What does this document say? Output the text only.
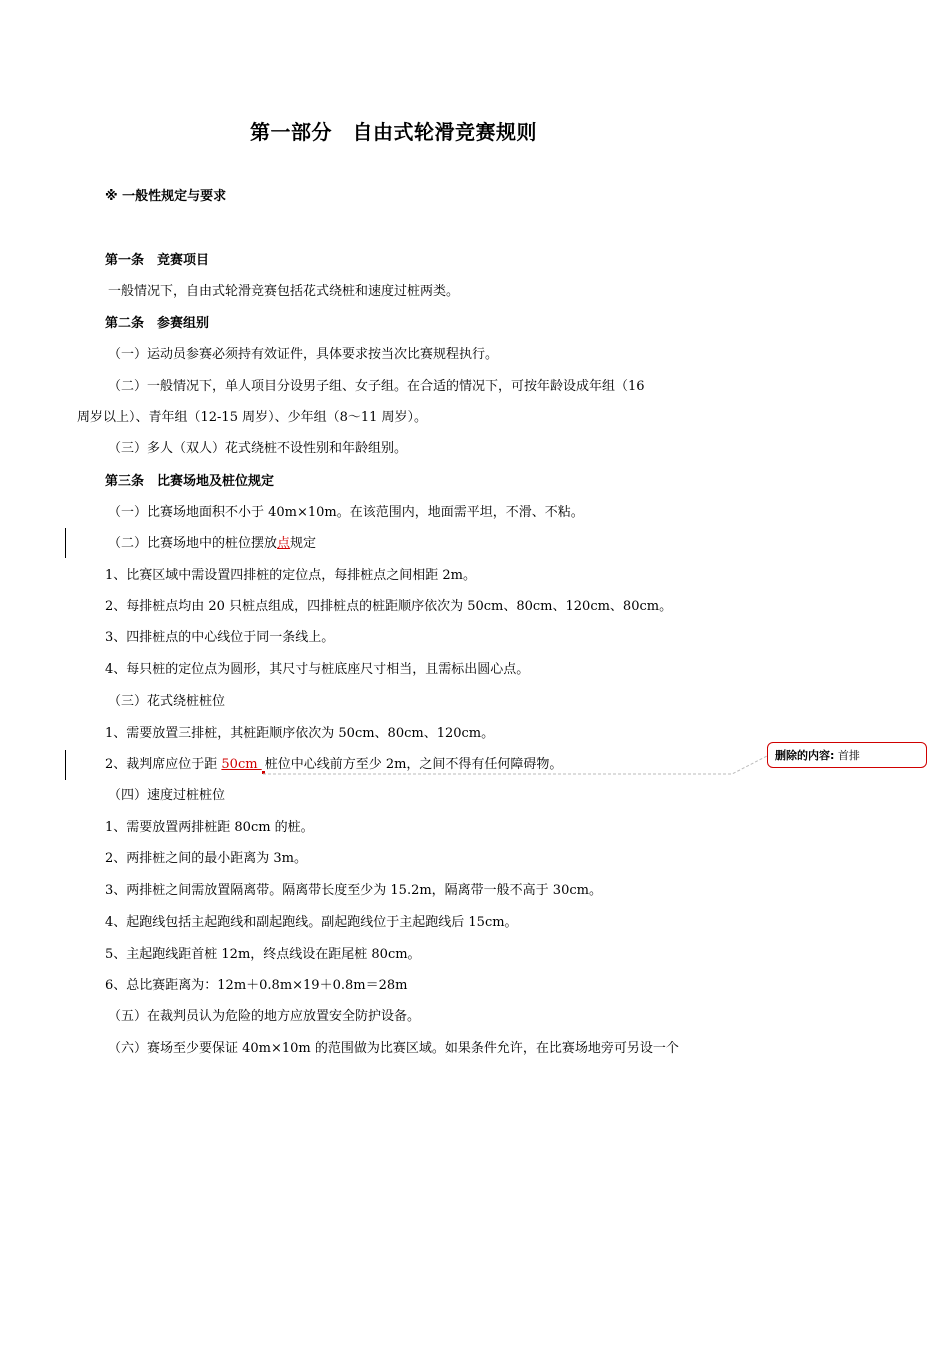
第一部分　自由式轮滑竞赛规则
※ 一般性规定与要求
第一条　竞赛项目
一般情况下，自由式轮滑竞赛包括花式绕桩和速度过桩两类。
第二条　参赛组别
（一）运动员参赛必须持有效证件，具体要求按当次比赛规程执行。
（二）一般情况下，单人项目分设男子组、女子组。在合适的情况下，可按年龄设成年组（16
周岁以上）、青年组（12-15 周岁）、少年组（8～11 周岁）。
（三）多人（双人）花式绕桩不设性别和年龄组别。
第三条　比赛场地及桩位规定
（一）比赛场地面积不小于 40m×10m。在该范围内，地面需平坦，不滑、不粘。
（二）比赛场地中的桩位摆放点规定
1、比赛区域中需设置四排桩的定位点，每排桩点之间相距 2m。
2、每排桩点均由 20 只桩点组成，四排桩点的桩距顺序依次为 50cm、80cm、120cm、80cm。
3、四排桩点的中心线位于同一条线上。
4、每只桩的定位点为圆形，其尺寸与桩底座尺寸相当，且需标出圆心点。
（三）花式绕桩桩位
1、需要放置三排桩，其桩距顺序依次为 50cm、80cm、120cm。
2、裁判席应位于距 50cm 桩位中心线前方至少 2m，之间不得有任何障碍物。
删除的内容: 首排
（四）速度过桩桩位
1、需要放置两排桩距 80cm 的桩。
2、两排桩之间的最小距离为 3m。
3、两排桩之间需放置隔离带。隔离带长度至少为 15.2m，隔离带一般不高于 30cm。
4、起跑线包括主起跑线和副起跑线。副起跑线位于主起跑线后 15cm。
5、主起跑线距首桩 12m，终点线设在距尾桩 80cm。
6、总比赛距离为：12m＋0.8m×19＋0.8m＝28m
（五）在裁判员认为危险的地方应放置安全防护设备。
（六）赛场至少要保证 40m×10m 的范围做为比赛区域。如果条件允许，在比赛场地旁可另设一个
